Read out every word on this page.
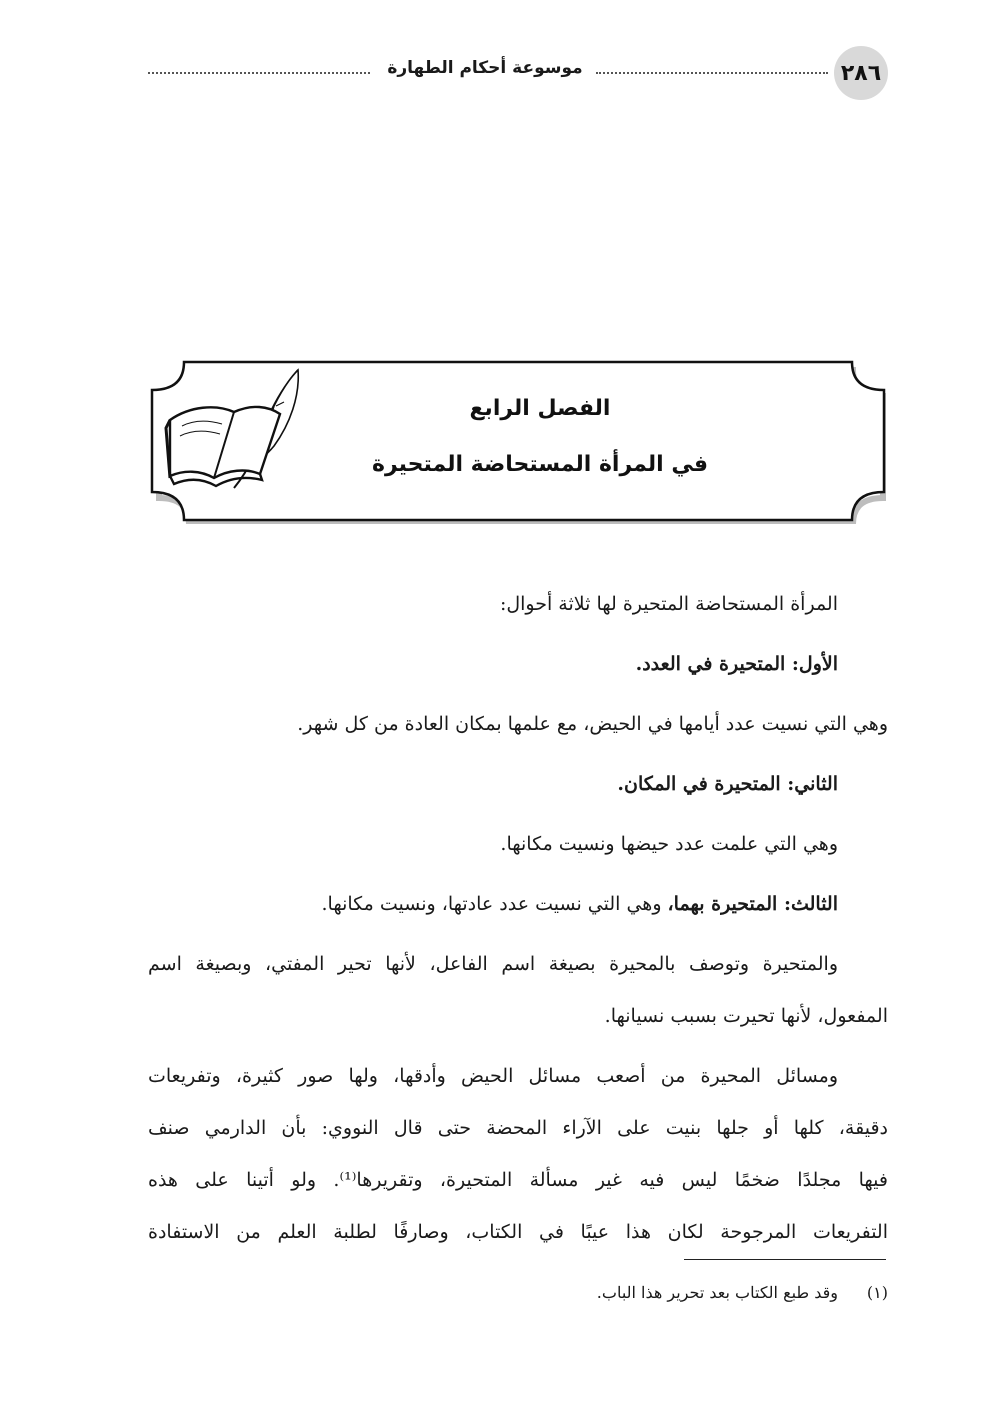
٢٨٦
موسوعة أحكام الطهارة
الفصل الرابع
في المرأة المستحاضة المتحيرة
المرأة المستحاضة المتحيرة لها ثلاثة أحوال:
الأول: المتحيرة في العدد.
وهي التي نسيت عدد أيامها في الحيض، مع علمها بمكان العادة من كل شهر.
الثاني: المتحيرة في المكان.
وهي التي علمت عدد حيضها ونسيت مكانها.
الثالث: المتحيرة بهما، وهي التي نسيت عدد عادتها، ونسيت مكانها.
والمتحيرة وتوصف بالمحيرة بصيغة اسم الفاعل، لأنها تحير المفتي، وبصيغة اسم
المفعول، لأنها تحيرت بسبب نسيانها.
ومسائل المحيرة من أصعب مسائل الحيض وأدقها، ولها صور كثيرة، وتفريعات
دقيقة، كلها أو جلها بنيت على الآراء المحضة حتى قال النووي: بأن الدارمي صنف
فيها مجلدًا ضخمًا ليس فيه غير مسألة المتحيرة، وتقريرها⁽¹⁾. ولو أتينا على هذه
التفريعات المرجوحة لكان هذا عيبًا في الكتاب، وصارفًا لطلبة العلم من الاستفادة
(١)وقد طبع الكتاب بعد تحرير هذا الباب.
